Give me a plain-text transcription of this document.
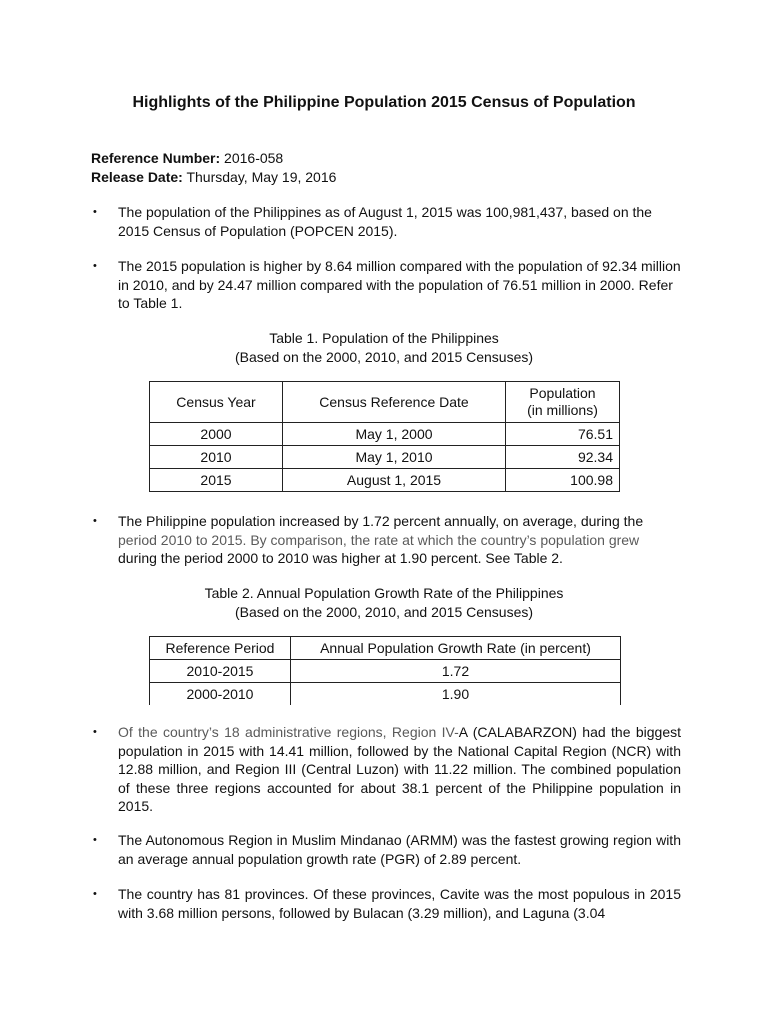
Highlights of the Philippine Population 2015 Census of Population
Reference Number: 2016-058
Release Date: Thursday, May 19, 2016
• The population of the Philippines as of August 1, 2015 was 100,981,437, based on the 2015 Census of Population (POPCEN 2015).
• The 2015 population is higher by 8.64 million compared with the population of 92.34 million in 2010, and by 24.47 million compared with the population of 76.51 million in 2000. Refer to Table 1.
Table 1. Population of the Philippines
(Based on the 2000, 2010, and 2015 Censuses)
Census Year	Census Reference Date	Population
(in millions)

2000	May 1, 2000	76.51
2010	May 1, 2010	92.34
2015	August 1, 2015	100.98
• The Philippine population increased by 1.72 percent annually, on average, during the period 2010 to 2015. By comparison, the rate at which the country’s population grew during the period 2000 to 2010 was higher at 1.90 percent. See Table 2.
Table 2. Annual Population Growth Rate of the Philippines
(Based on the 2000, 2010, and 2015 Censuses)
Reference Period	Annual Population Growth Rate (in percent)
2010-2015	1.72
2000-2010	1.90
• Of the country’s 18 administrative regions, Region IV-A (CALABARZON) had the biggest population in 2015 with 14.41 million, followed by the National Capital Region (NCR) with 12.88 million, and Region III (Central Luzon) with 11.22 million. The combined population of these three regions accounted for about 38.1 percent of the Philippine population in 2015.
• The Autonomous Region in Muslim Mindanao (ARMM) was the fastest growing region with an average annual population growth rate (PGR) of 2.89 percent.
• The country has 81 provinces. Of these provinces, Cavite was the most populous in 2015 with 3.68 million persons, followed by Bulacan (3.29 million), and Laguna (3.04
